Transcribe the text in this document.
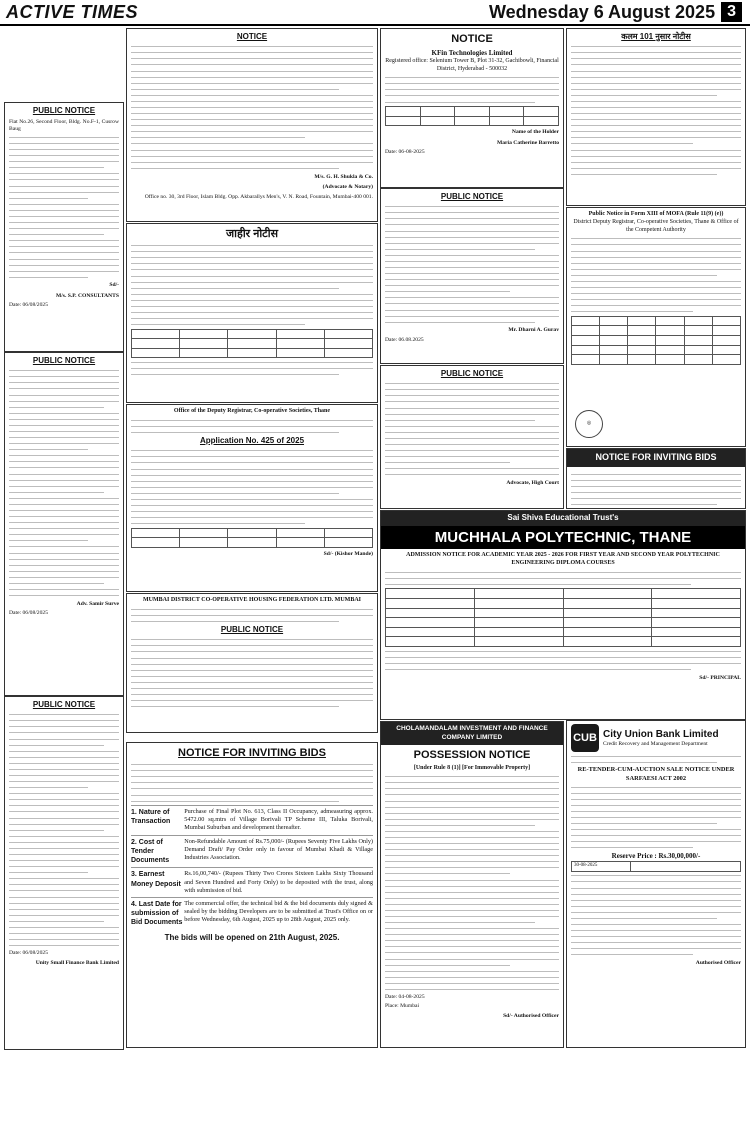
ACTIVE TIMES	Wednesday 6 August 2025 3
PUBLIC NOTICE
Flat No.26, Second Floor, Bldg. No.F-1, Cusrow Baug
Sd/-
M/s. S.P. CONSULTANTS
Date: 06/08/2025
PUBLIC NOTICE
Adv. Samir Surve
Date: 06/08/2025
PUBLIC NOTICE
Date: 06/08/2025
Unity Small Finance Bank Limited
NOTICE
M/s. G. H. Shukla & Co.
(Advocate & Notary)
Office no. 30, 3rd Floor, Islam Bldg. Opp. Akbarallys Men's, V. N. Road, Fountain, Mumbai-400 001.
जाहीर नोटीस

Office of the Deputy Registrar, Co-operative Societies, Thane
Application No. 425 of 2025

Sd/- (Kishor Mande)
MUMBAI DISTRICT CO-OPERATIVE HOUSING FEDERATION LTD. MUMBAI
PUBLIC NOTICE
NOTICE FOR INVITING BIDS
1. Nature of Transaction
Purchase of Final Plot No. 613, Class II Occupancy, admeasuring approx. 5472.00 sq.mtrs of Village Borivali TP Scheme III, Taluka Borivali, Mumbai Suburban and development thereafter.
2. Cost of Tender Documents
Non-Refundable Amount of Rs.75,000/- (Rupees Seventy Five Lakhs Only) Demand Draft/ Pay Order only in favour of Mumbai Khadi & Village Industries Association.
3. Earnest Money Deposit
Rs.16,00,740/- (Rupees Thirty Two Crores Sixteen Lakhs Sixty Thousand and Seven Hundred and Forty Only) to be deposited with the trust, along with submission of bid.
4. Last Date for submission of Bid Documents
The commercial offer, the technical bid & the bid documents duly signed & sealed by the bidding Developers are to be submitted at Trust's Office on or before Wednesday, 6th August, 2025 up to 28th August, 2025 only.
The bids will be opened on 21th August, 2025.
NOTICE
KFin Technologies Limited
Registered office: Selenium Tower B, Plot 31-32, Gachibowli, Financial District, Hyderabad - 500032

Name of the Holder
Maria Catherine Barretto
Date: 06-08-2025
PUBLIC NOTICE
Mr. Dharni A. Gurav
Date: 06.08.2025
PUBLIC NOTICE
Advocate, High Court
Sai Shiva Educational Trust's
MUCHHALA POLYTECHNIC, THANE
ADMISSION NOTICE FOR ACADEMIC YEAR 2025 - 2026 FOR FIRST YEAR AND SECOND YEAR POLYTECHNIC ENGINEERING DIPLOMA COURSES

Sd/- PRINCIPAL
CHOLAMANDALAM INVESTMENT AND FINANCE COMPANY LIMITED
POSSESSION NOTICE
[Under Rule 8 (1)] [For Immovable Property]
Date: 04-08-2025
Place: Mumbai
Sd/- Authorised Officer
कलम 101 नुसार नोटीस
Public Notice in Form XIII of MOFA (Rule 11(9) (e))
District Deputy Registrar, Co-operative Societies, Thane & Office of the Competent Authority

◎
NOTICE FOR INVITING BIDS
CUB City Union Bank Limited
Credit Recovery and Management Department
RE-TENDER-CUM-AUCTION SALE NOTICE UNDER SARFAESI ACT 2002
Reserve Price : Rs.30,00,000/-
30-08-2025	
Authorised Officer
